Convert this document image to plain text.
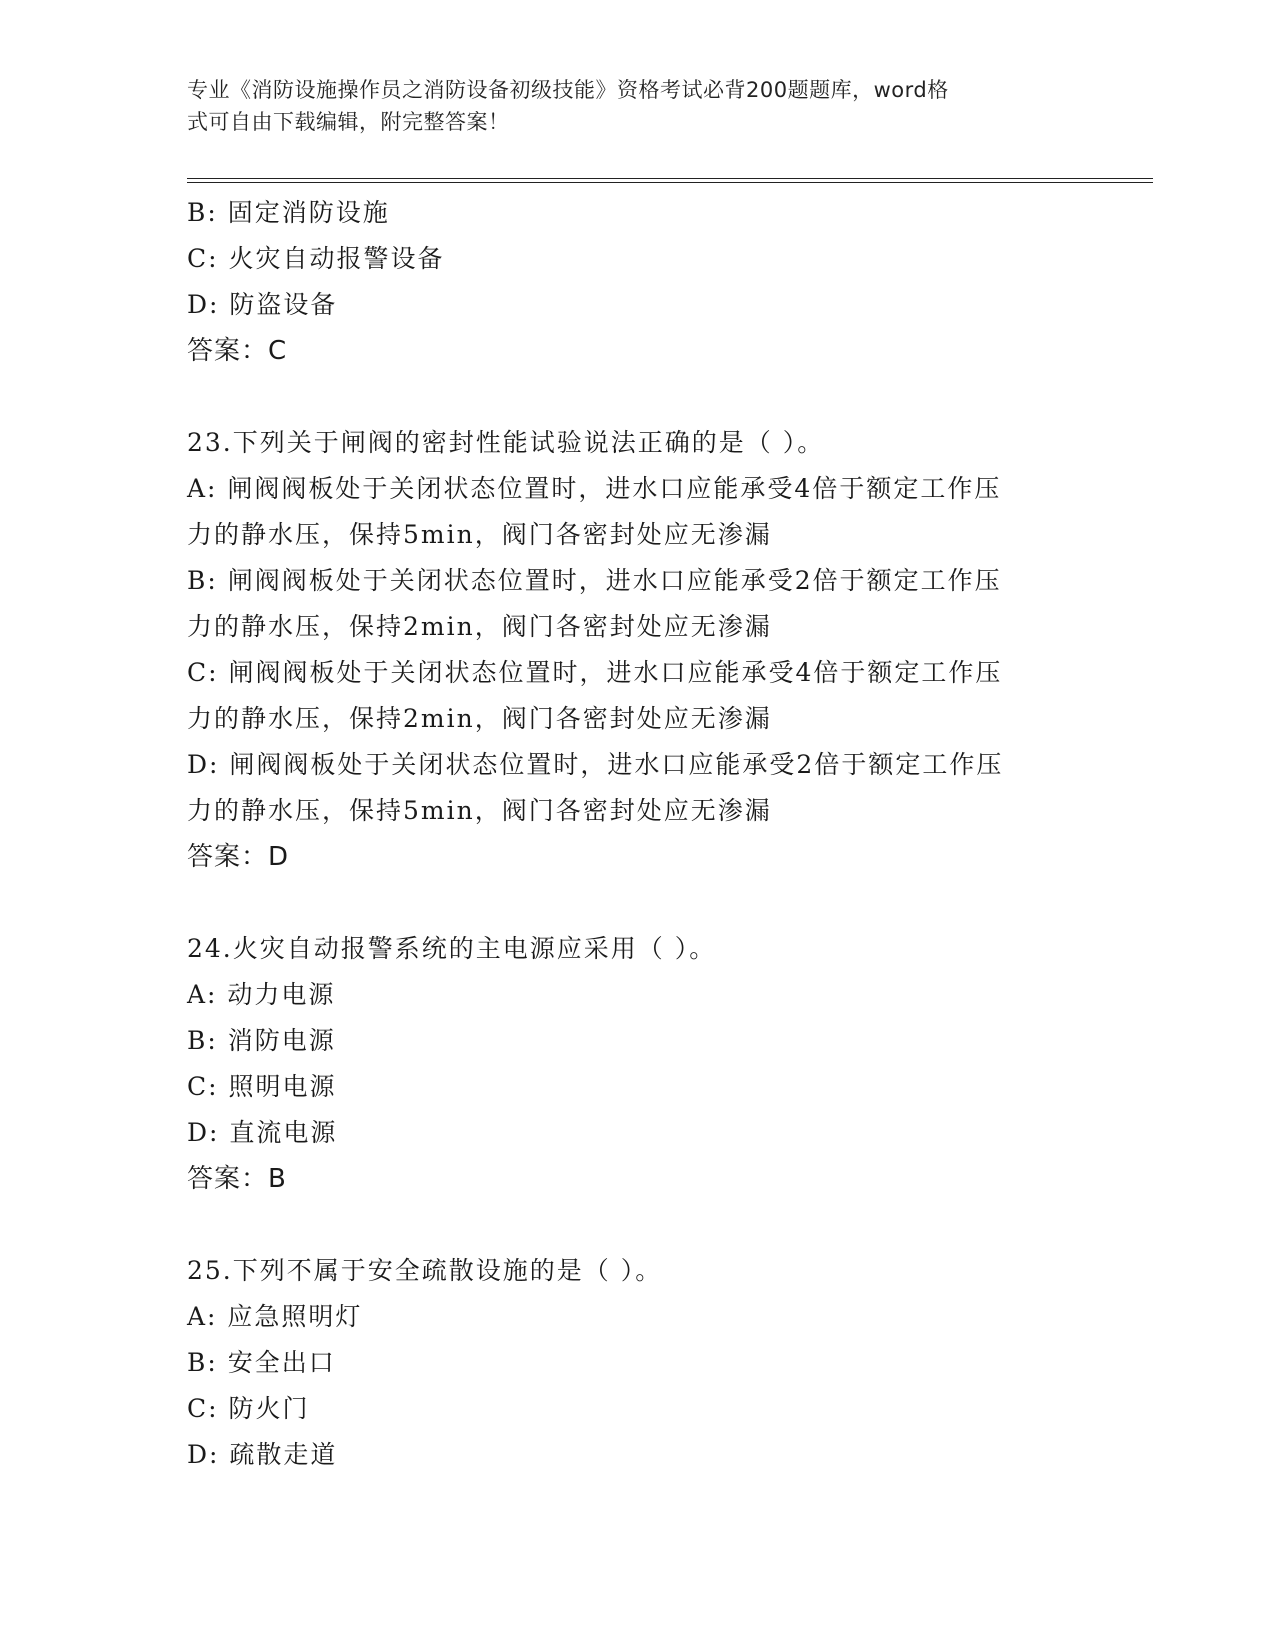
专业《消防设施操作员之消防设备初级技能》资格考试必背200题题库，word格
式可自由下载编辑，附完整答案！
B: 固定消防设施
C: 火灾自动报警设备
D: 防盗设备
答案：C
23.下列关于闸阀的密封性能试验说法正确的是（ ）。
A: 闸阀阀板处于关闭状态位置时，进水口应能承受4倍于额定工作压
力的静水压，保持5min，阀门各密封处应无渗漏
B: 闸阀阀板处于关闭状态位置时，进水口应能承受2倍于额定工作压
力的静水压，保持2min，阀门各密封处应无渗漏
C: 闸阀阀板处于关闭状态位置时，进水口应能承受4倍于额定工作压
力的静水压，保持2min，阀门各密封处应无渗漏
D: 闸阀阀板处于关闭状态位置时，进水口应能承受2倍于额定工作压
力的静水压，保持5min，阀门各密封处应无渗漏
答案：D
24.火灾自动报警系统的主电源应采用（ ）。
A: 动力电源
B: 消防电源
C: 照明电源
D: 直流电源
答案：B
25.下列不属于安全疏散设施的是（ ）。
A: 应急照明灯
B: 安全出口
C: 防火门
D: 疏散走道
